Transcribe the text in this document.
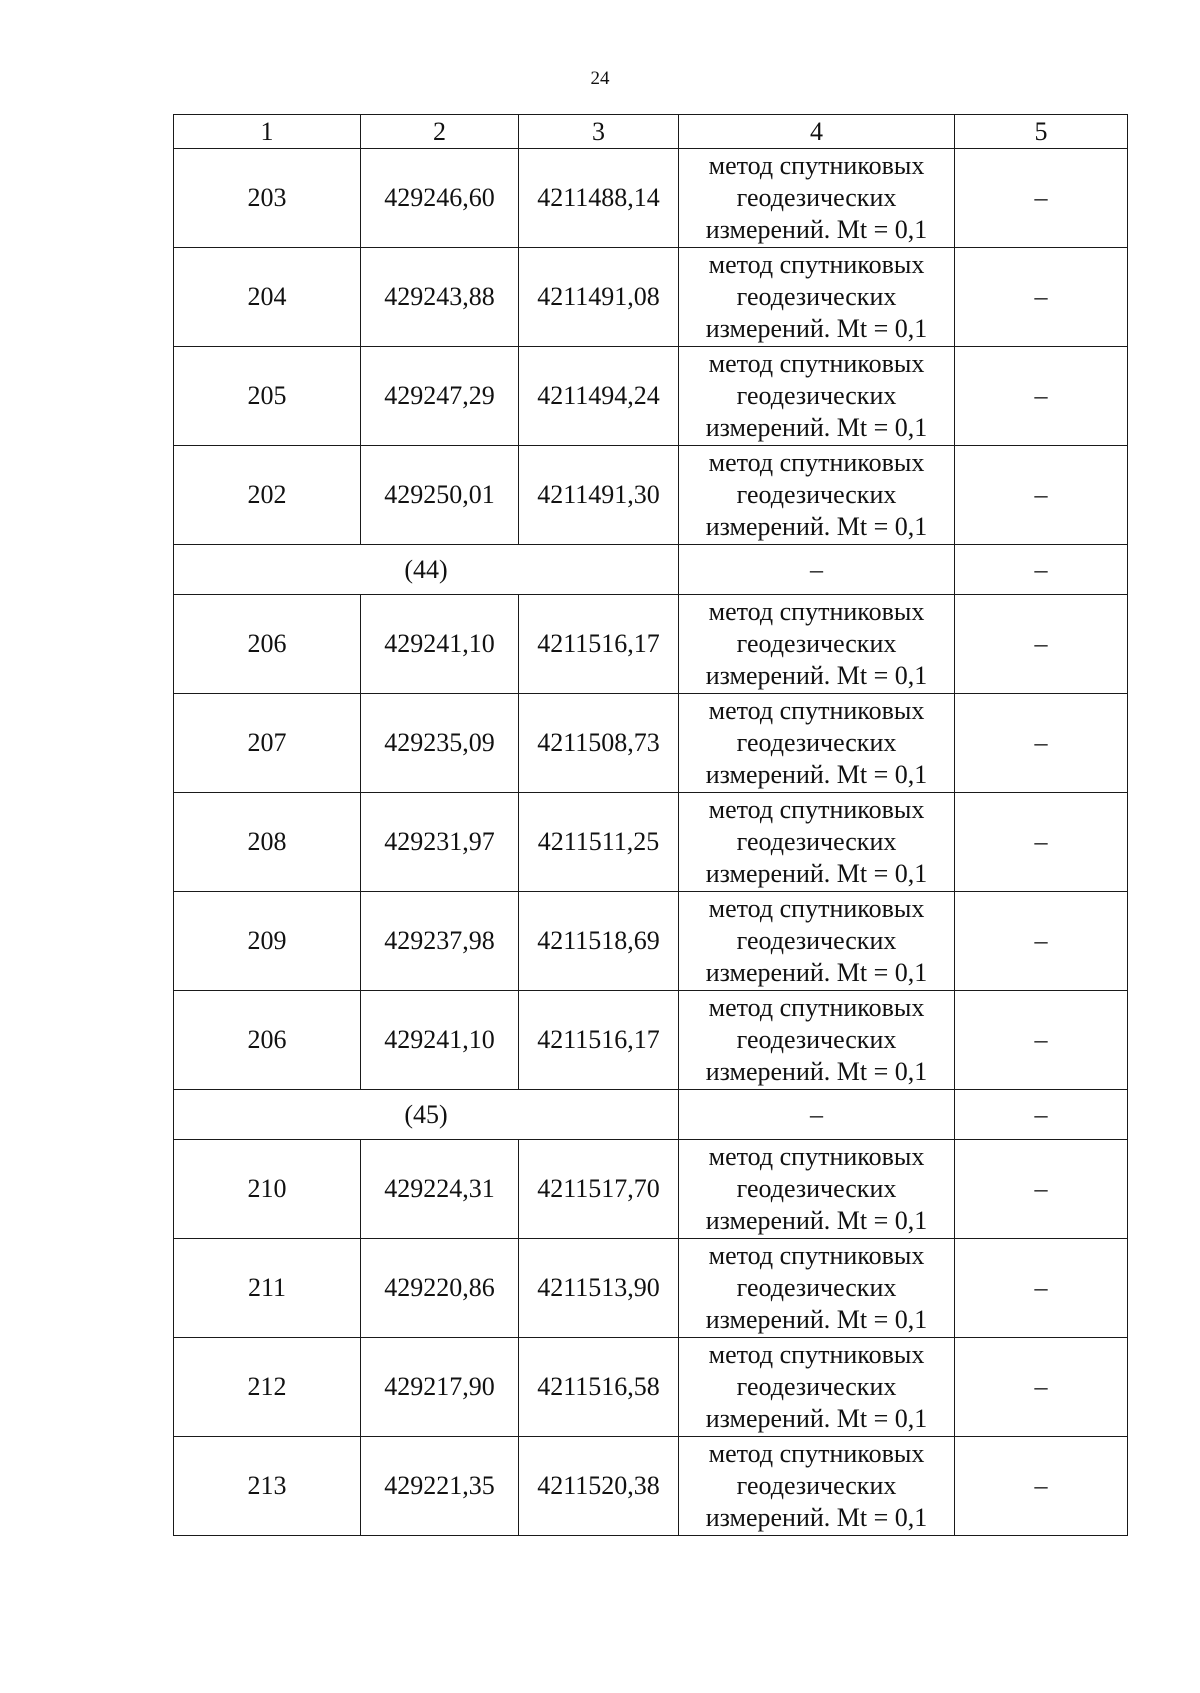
24
1	2	3	4	5
203	429246,60	4211488,14	метод спутниковых
геодезических
измерений. Mt = 0,1	–
204	429243,88	4211491,08	метод спутниковых
геодезических
измерений. Mt = 0,1	–
205	429247,29	4211494,24	метод спутниковых
геодезических
измерений. Mt = 0,1	–
202	429250,01	4211491,30	метод спутниковых
геодезических
измерений. Mt = 0,1	–
(44)			–	–
206	429241,10	4211516,17	метод спутниковых
геодезических
измерений. Mt = 0,1	–
207	429235,09	4211508,73	метод спутниковых
геодезических
измерений. Mt = 0,1	–
208	429231,97	4211511,25	метод спутниковых
геодезических
измерений. Mt = 0,1	–
209	429237,98	4211518,69	метод спутниковых
геодезических
измерений. Mt = 0,1	–
206	429241,10	4211516,17	метод спутниковых
геодезических
измерений. Mt = 0,1	–
(45)			–	–
210	429224,31	4211517,70	метод спутниковых
геодезических
измерений. Mt = 0,1	–
211	429220,86	4211513,90	метод спутниковых
геодезических
измерений. Mt = 0,1	–
212	429217,90	4211516,58	метод спутниковых
геодезических
измерений. Mt = 0,1	–
213	429221,35	4211520,38	метод спутниковых
геодезических
измерений. Mt = 0,1	–
